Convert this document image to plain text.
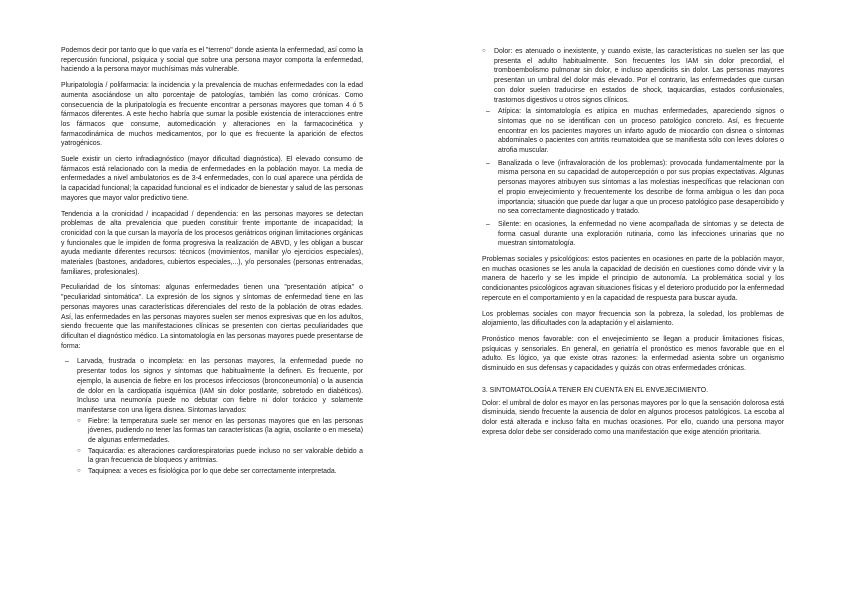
Podemos decir por tanto que lo que varía es el "terreno" donde asienta la enfermedad, así como la repercusión funcional, psíquica y social que sobre una persona mayor comporta la enfermedad, haciendo a la persona mayor muchísimas más vulnerable.

Pluripatología / polifarmacia: la incidencia y la prevalencia de muchas enfermedades con la edad aumenta asociándose un alto porcentaje de patologías, también las como crónicas. Como consecuencia de la pluripatología es frecuente encontrar a personas mayores que toman 4 ó 5 fármacos diferentes. A este hecho habría que sumar la posible existencia de interacciones entre los fármacos que consume, automedicación y alteraciones en la farmacocinética y farmacodinámica de muchos medicamentos, por lo que es frecuente la aparición de efectos yatrogénicos.

Suele existir un cierto infradiagnóstico (mayor dificultad diagnóstica). El elevado consumo de fármacos está relacionado con la media de enfermedades en la población mayor. La media de enfermedades a nivel ambulatorios es de 3-4 enfermedades, con lo cual aparece una pérdida de la capacidad funcional; la capacidad funcional es el indicador de bienestar y salud de las personas mayores que mayor valor predictivo tiene.

Tendencia a la cronicidad / incapacidad / dependencia: en las personas mayores se detectan problemas de alta prevalencia que pueden constituir frente importante de incapacidad; la cronicidad con la que cursan la mayoría de los procesos geriátricos originan limitaciones orgánicas y funcionales que le impiden de forma progresiva la realización de ABVD, y les obligan a buscar ayuda mediante diferentes recursos: técnicos (movimientos, manillar y/o ejercicios especiales), materiales (bastones, andadores, cubiertos especiales,...), y/o personales (personas entrenadas, familiares, profesionales).

Peculiaridad de los síntomas: algunas enfermedades tienen una "presentación atípica" o "peculiaridad sintomática". La expresión de los signos y síntomas de enfermedad tiene en las personas mayores unas características diferenciales del resto de la población de otras edades. Así, las enfermedades en las personas mayores suelen ser menos expresivas que en los adultos, siendo frecuente que las manifestaciones clínicas se presenten con ciertas peculiaridades que dificultan el diagnóstico médico. La sintomatología en las personas mayores puede presentarse de forma:

– Larvada, frustrada o incompleta: en las personas mayores, la enfermedad puede no presentar todos los signos y síntomas que habitualmente la definen. Es frecuente, por ejemplo, la ausencia de fiebre en los procesos infecciosos (bronconeumonía) o la ausencia de dolor en la cardiopatía isquémica (IAM sin dolor postlante, sobretodo en diabéticos). Incluso una neumonía puede no debutar con fiebre ni dolor torácico y solamente manifestarse con una ligera disnea. Síntomas larvados:
○ Fiebre: la temperatura suele ser menor en las personas mayores que en las personas jóvenes, pudiendo no tener las formas tan características (la agria, oscilante o en meseta) de algunas enfermedades.
○ Taquicardia: es alteraciones cardiorespiratorias puede incluso no ser valorable debido a la gran frecuencia de bloqueos y arritmias.
○ Taquipnea: a veces es fisiológica por lo que debe ser correctamente interpretada.
○ Dolor: es atenuado o inexistente, y cuando existe, las características no suelen ser las que presenta el adulto habitualmente. Son frecuentes los IAM sin dolor precordial, el tromboembolismo pulmonar sin dolor, e incluso apendicitis sin dolor. Las personas mayores presentan un umbral del dolor más elevado. Por el contrario, las enfermedades que cursan con dolor suelen traducirse en estados de shock, taquicardias, estados confusionales, trastornos digestivos u otros signos clínicos.
– Atípica: la sintomatología es atípica en muchas enfermedades, apareciendo signos o síntomas que no se identifican con un proceso patológico concreto. Así, es frecuente encontrar en los pacientes mayores un infarto agudo de miocardio con disnea o síntomas abdominales o pacientes con artritis reumatoidea que se manifiesta sólo con leves dolores o atrofia muscular.
– Banalizada o leve (infravaloración de los problemas): provocada fundamentalmente por la misma persona en su capacidad de autopercepción o por sus propias expectativas. Algunas personas mayores atribuyen sus síntomas a las molestias inespecíficas que relacionan con el propio envejecimiento y frecuentemente los describe de forma ambigua o les dan poca importancia; situación que puede dar lugar a que un proceso patológico pase desapercibido y no sea correctamente diagnosticado y tratado.
– Silente: en ocasiones, la enfermedad no viene acompañada de síntomas y se detecta de forma casual durante una exploración rutinaria, como las infecciones urinarias que no muestran sintomatología.

Problemas sociales y psicológicos: estos pacientes en ocasiones en parte de la población mayor, en muchas ocasiones se les anula la capacidad de decisión en cuestiones como dónde vivir y la manera de hacerlo y se les impide el principio de autonomía. La problemática social y los condicionantes psicológicos agravan situaciones físicas y el deterioro producido por la enfermedad repercute en el comportamiento y en la capacidad de respuesta para buscar ayuda.

Los problemas sociales con mayor frecuencia son la pobreza, la soledad, los problemas de alojamiento, las dificultades con la adaptación y el aislamiento.

Pronóstico menos favorable: con el envejecimiento se llegan a producir limitaciones físicas, psíquicas y sensoriales. En general, en geriatría el pronóstico es menos favorable que en el adulto. Es lógico, ya que existe otras razones: la enfermedad asienta sobre un organismo disminuido en sus defensas y capacidades y quizás con otras enfermedades crónicas.

3. SINTOMATOLOGÍA A TENER EN CUENTA EN EL ENVEJECIMIENTO.

Dolor: el umbral de dolor es mayor en las personas mayores por lo que la sensación dolorosa está disminuida, siendo frecuente la ausencia de dolor en algunos procesos patológicos. La escoba al dolor está alterada e incluso falta en muchas ocasiones. Por ello, cuando una persona mayor expresa dolor debe ser considerado como una manifestación que exige atención prioritaria.
